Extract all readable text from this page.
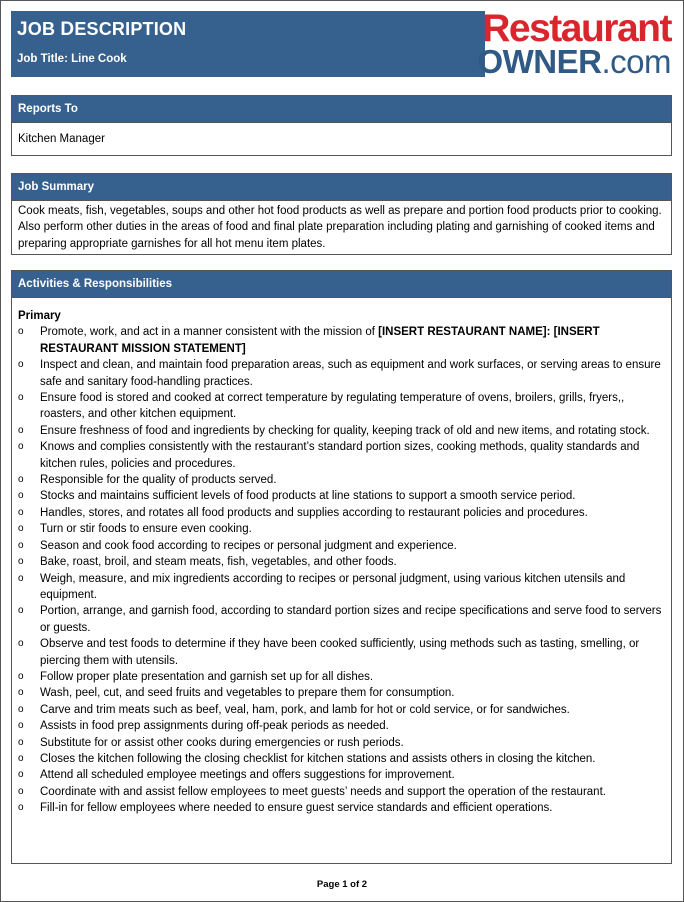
JOB DESCRIPTION
Job Title: Line Cook
Restaurant
OWNER.com
Reports To
Kitchen Manager
Job Summary
Cook meats, fish, vegetables, soups and other hot food products as well as prepare and portion food products prior to cooking. Also perform other duties in the areas of food and final plate preparation including plating and garnishing of cooked items and preparing appropriate garnishes for all hot menu item plates.
Activities & Responsibilities
Primary
o Promote, work, and act in a manner consistent with the mission of [INSERT RESTAURANT NAME]: [INSERT RESTAURANT MISSION STATEMENT]
o Inspect and clean, and maintain food preparation areas, such as equipment and work surfaces, or serving areas to ensure safe and sanitary food-handling practices.
o Ensure food is stored and cooked at correct temperature by regulating temperature of ovens, broilers, grills, fryers,, roasters, and other kitchen equipment.
o Ensure freshness of food and ingredients by checking for quality, keeping track of old and new items, and rotating stock.
o Knows and complies consistently with the restaurant’s standard portion sizes, cooking methods, quality standards and kitchen rules, policies and procedures.
o Responsible for the quality of products served.
o Stocks and maintains sufficient levels of food products at line stations to support a smooth service period.
o Handles, stores, and rotates all food products and supplies according to restaurant policies and procedures.
o Turn or stir foods to ensure even cooking.
o Season and cook food according to recipes or personal judgment and experience.
o Bake, roast, broil, and steam meats, fish, vegetables, and other foods.
o Weigh, measure, and mix ingredients according to recipes or personal judgment, using various kitchen utensils and equipment.
o Portion, arrange, and garnish food, according to standard portion sizes and recipe specifications and serve food to servers or guests.
o Observe and test foods to determine if they have been cooked sufficiently, using methods such as tasting, smelling, or piercing them with utensils.
o Follow proper plate presentation and garnish set up for all dishes.
o Wash, peel, cut, and seed fruits and vegetables to prepare them for consumption.
o Carve and trim meats such as beef, veal, ham, pork, and lamb for hot or cold service, or for sandwiches.
o Assists in food prep assignments during off-peak periods as needed.
o Substitute for or assist other cooks during emergencies or rush periods.
o Closes the kitchen following the closing checklist for kitchen stations and assists others in closing the kitchen.
o Attend all scheduled employee meetings and offers suggestions for improvement.
o Coordinate with and assist fellow employees to meet guests’ needs and support the operation of the restaurant.
o Fill-in for fellow employees where needed to ensure guest service standards and efficient operations.
Page 1 of 2
